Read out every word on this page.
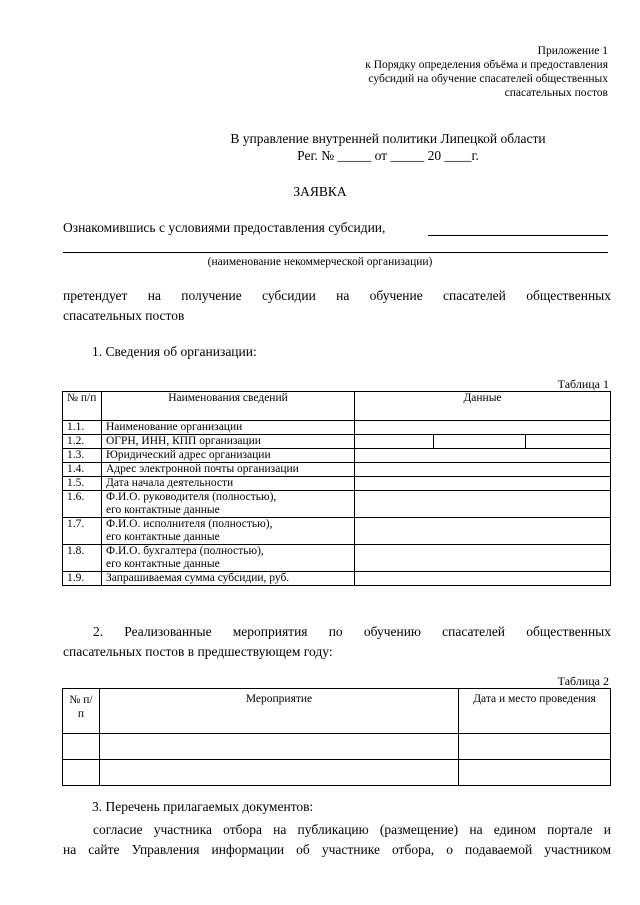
Приложение 1
к Порядку определения объёма и предоставления
субсидий на обучение спасателей общественных
спасательных постов
В управление внутренней политики Липецкой области
Рег. № _____ от _____ 20 ____г.
ЗАЯВКА
Ознакомившись с условиями предоставления субсидии,
(наименование некоммерческой организации)
претендует на получение субсидии на обучение спасателей общественных
спасательных постов
1. Сведения об организации:
Таблица 1
№ п/п	Наименования сведений	Данные		
1.1.	Наименование организации			
1.2.	ОГРН, ИНН, КПП организации			
1.3.	Юридический адрес организации			
1.4.	Адрес электронной почты организации			
1.5.	Дата начала деятельности			
1.6.	Ф.И.О. руководителя (полностью),
его контактные данные			

1.7.	Ф.И.О. исполнителя (полностью),
его контактные данные			

1.8.	Ф.И.О. бухгалтера (полностью),
его контактные данные			

1.9.	Запрашиваемая сумма субсидии, руб.			
2. Реализованные мероприятия по обучению спасателей общественных
спасательных постов в предшествующем году:
Таблица 2
№ п/п	Мероприятие	Дата и место проведения

3. Перечень прилагаемых документов:
согласие участника отбора на публикацию (размещение) на едином портале и
на сайте Управления информации об участнике отбора, о подаваемой участником
